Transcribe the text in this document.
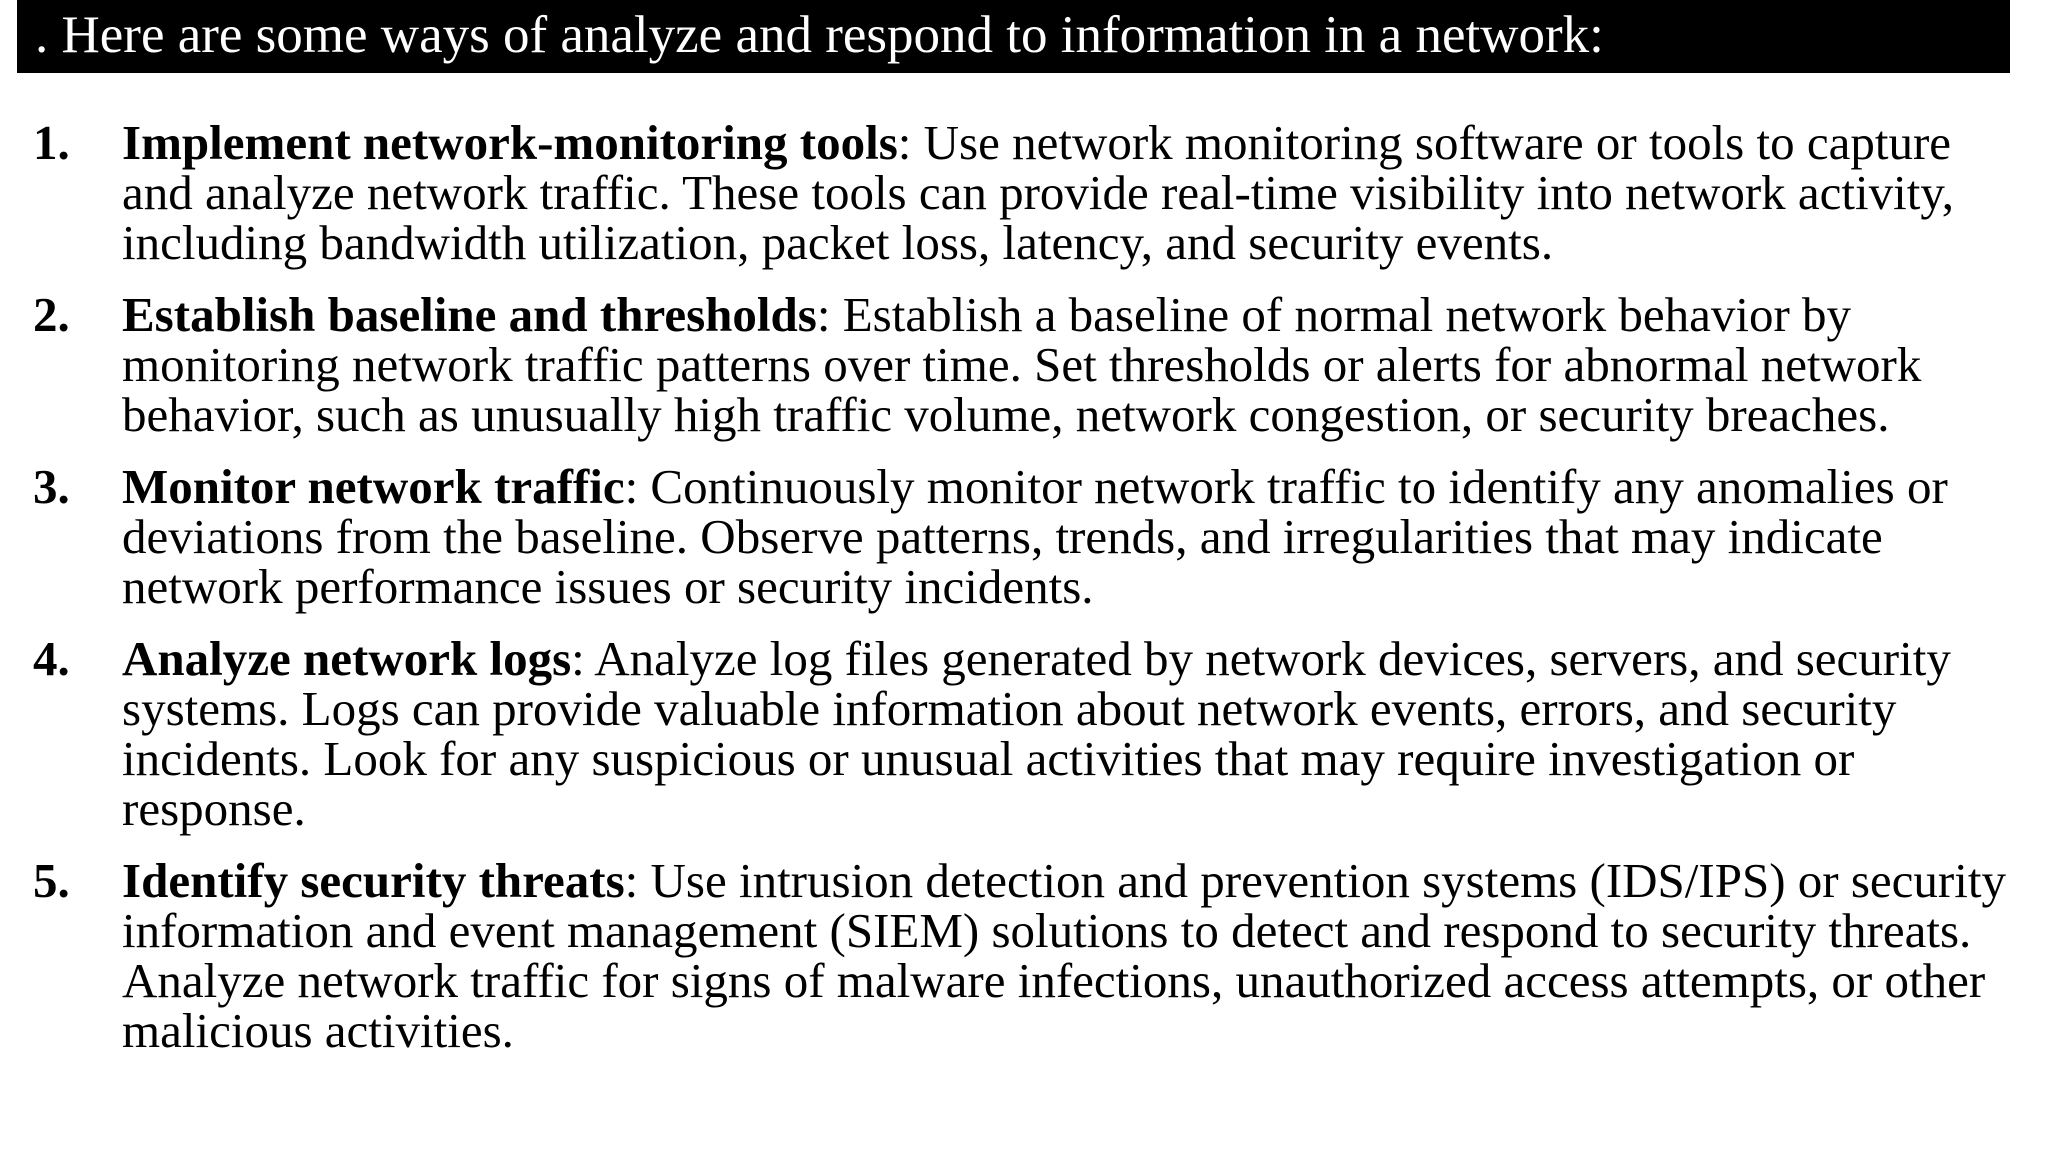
. Here are some ways of analyze and respond to information in a network:
1. Implement network-monitoring tools: Use network monitoring software or tools to capture and analyze network traffic. These tools can provide real-time visibility into network activity, including bandwidth utilization, packet loss, latency, and security events.
2. Establish baseline and thresholds: Establish a baseline of normal network behavior by monitoring network traffic patterns over time. Set thresholds or alerts for abnormal network behavior, such as unusually high traffic volume, network congestion, or security breaches.
3. Monitor network traffic: Continuously monitor network traffic to identify any anomalies or deviations from the baseline. Observe patterns, trends, and irregularities that may indicate network performance issues or security incidents.
4. Analyze network logs: Analyze log files generated by network devices, servers, and security systems. Logs can provide valuable information about network events, errors, and security incidents. Look for any suspicious or unusual activities that may require investigation or response.
5. Identify security threats: Use intrusion detection and prevention systems (IDS/IPS) or security information and event management (SIEM) solutions to detect and respond to security threats. Analyze network traffic for signs of malware infections, unauthorized access attempts, or other malicious activities.
